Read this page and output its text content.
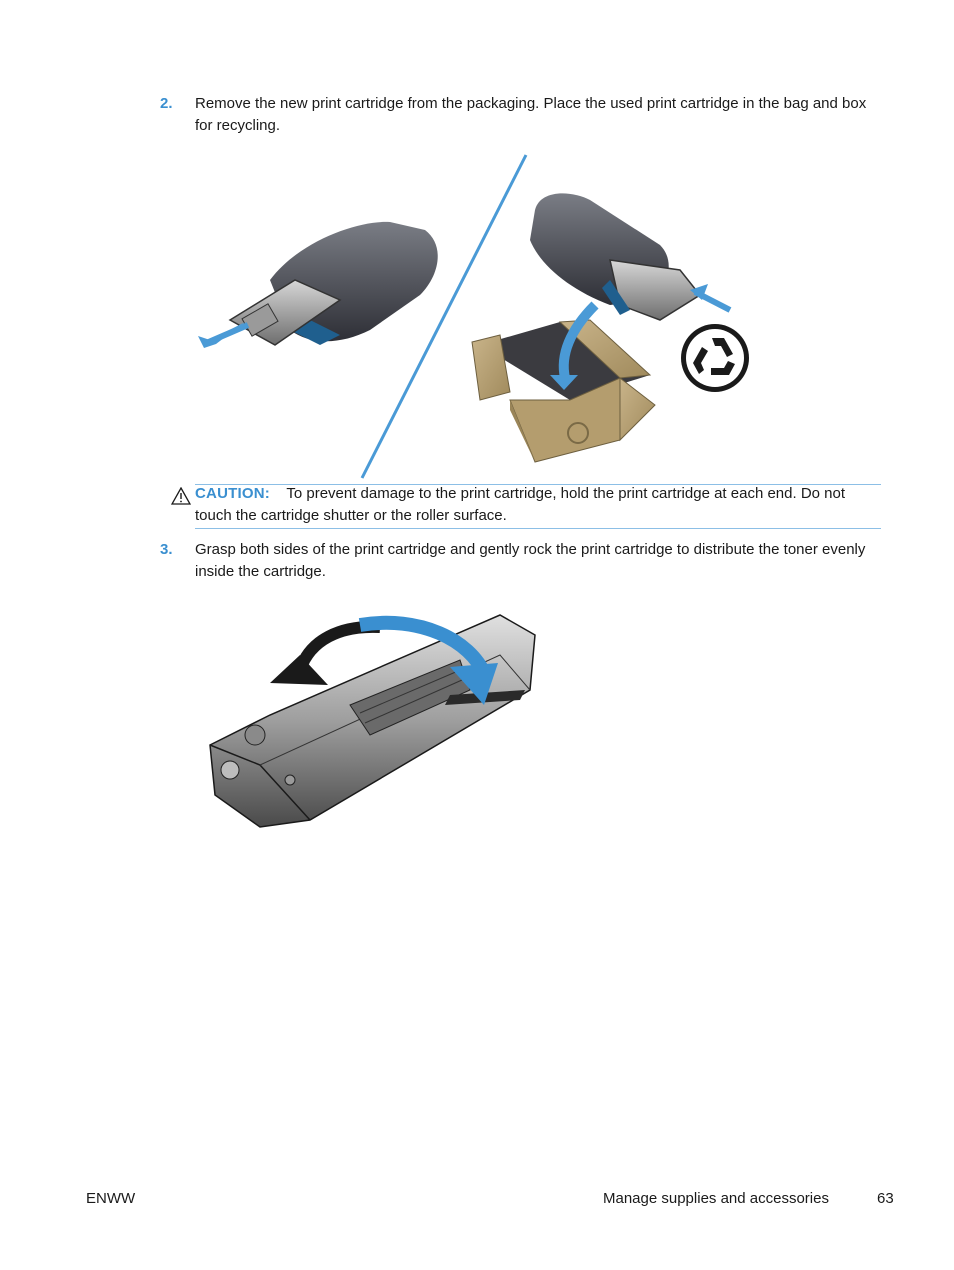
2. Remove the new print cartridge from the packaging. Place the used print cartridge in the bag and box for recycling.
CAUTION: To prevent damage to the print cartridge, hold the print cartridge at each end. Do not touch the cartridge shutter or the roller surface.
3. Grasp both sides of the print cartridge and gently rock the print cartridge to distribute the toner evenly inside the cartridge.
ENWW	Manage supplies and accessories	63
